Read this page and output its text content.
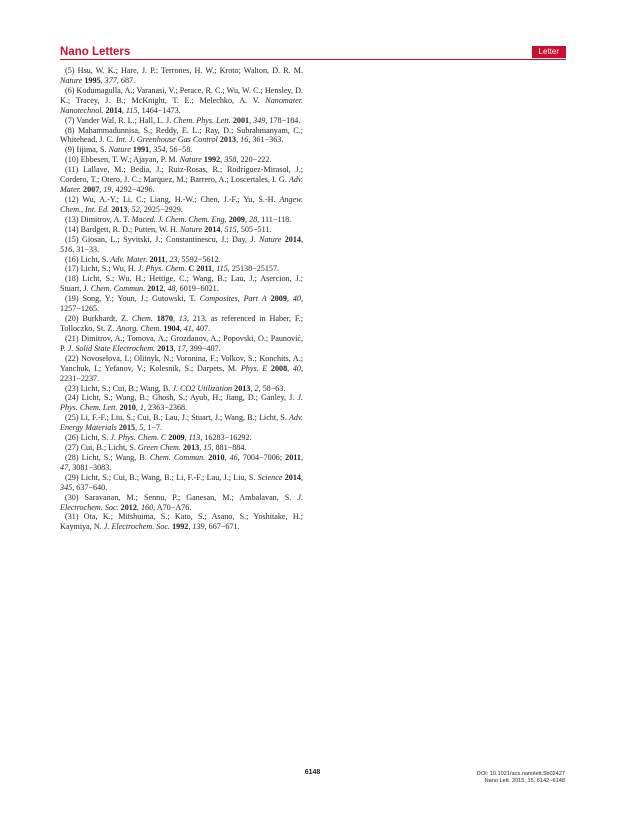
Nano Letters	Letter

(5) Hsu, W. K.; Hare, J. P.; Terrones, H. W.; Kroto; Walton, D. R. M. Nature 1995, 377, 687.

(6) Kodumagulla, A.; Varanasi, V.; Perace, R. C.; Wu, W. C.; Hensley, D. K.; Tracey, J. B.; McKnight, T. E.; Melechko, A. V. Nanomater. Nanotechnol. 2014, 115, 1464−1473.

(7) Vander Wal, R. L.; Hall, L. J. Chem. Phys. Lett. 2001, 349, 178−184.

(8) Mahammadunnisa, S.; Reddy, E. L.; Ray, D.; Subrahmanyam, C.; Whitehead, J. C. Int. J. Greenhouse Gas Control 2013, 16, 361−363.

(9) Iijima, S. Nature 1991, 354, 56−58.

(10) Ebbesen, T. W.; Ajayan, P. M. Nature 1992, 358, 220−222.

(11) Lallave, M.; Bedia, J.; Ruiz-Rosas, R.; Rodríguez-Mirasol, J.; Cordero, T.; Otero, J. C.; Marquez, M.; Barrero, A.; Loscertales, I. G. Adv. Mater. 2007, 19, 4292−4296.

(12) Wu, A.-Y.; Li, C.; Liang, H.-W.; Chen, J.-F.; Yu, S.-H. Angew. Chem., Int. Ed. 2013, 52, 2925−2929.

(13) Dimitrov, A. T. Maced. J. Chem. Chem. Eng. 2009, 28, 111−118.

(14) Bardgett, R. D.; Putten, W. H. Nature 2014, 515, 505−511.

(15) Giosan, L.; Syvitski, J.; Constantinescu, J.; Day, J. Nature 2014, 516, 31−33.

(16) Licht, S. Adv. Mater. 2011, 23, 5592−5612.

(17) Licht, S.; Wu, H. J. Phys. Chem. C 2011, 115, 25138−25157.

(18) Licht, S.; Wu, H.; Hettige, C.; Wang, B.; Lau, J.; Asercion, J.; Stuart, J. Chem. Commun. 2012, 48, 6019−6021.

(19) Song, Y.; Youn, J.; Gutowski, T. Composites, Part A 2009, 40, 1257−1265.

(20) Burkhardt, Z. Chem. 1870, 13, 213. as referenced in Haber, F.; Tolloczko, St. Z. Anorg. Chem. 1904, 41, 407.

(21) Dimitrov, A.; Tomova, A.; Grozdanov, A.; Popovski, O.; Paunović, P. J. Solid State Electrochem. 2013, 17, 399−407.

(22) Novoselova, I.; Oliinyk, N.; Voronina, F.; Volkov, S.; Konchits, A.; Yanchuk, I.; Yefanov, V.; Kolesnik, S.; Darpets, M. Phys. E 2008, 40, 2231−2237.

(23) Licht, S.; Cui, B.; Wang, B. J. CO2 Utilization 2013, 2, 58−63.

(24) Licht, S.; Wang, B.; Ghosh, S.; Ayub, H.; Jiang, D.; Ganley, J. J. Phys. Chem. Lett. 2010, 1, 2363−2368.

(25) Li, F.-F.; Liu, S.; Cui, B.; Lau, J.; Stuart, J.; Wang, B.; Licht, S. Adv. Energy Materials 2015, 5, 1−7.

(26) Licht, S. J. Phys. Chem. C 2009, 113, 16283−16292.

(27) Cui, B.; Licht, S. Green Chem. 2013, 15, 881−884.

(28) Licht, S.; Wang, B. Chem. Commun. 2010, 46, 7004−7006; 2011, 47, 3081−3083.

(29) Licht, S.; Cui, B.; Wang, B.; Li, F.-F.; Lau, J.; Liu, S. Science 2014, 345, 637−640.

(30) Saravanan, M.; Sennu, P.; Ganesan, M.; Ambalavan, S. J. Electrochem. Soc. 2012, 160, A70−A76.

(31) Ota, K.; Mitshuima, S.; Kato, S.; Asano, S.; Yoshitake, H.; Kaymiya, N. J. Electrochem. Soc. 1992, 139, 667−671.

6148	DOI: 10.1021/acs.nanolett.5b02427
Nano Lett. 2015, 15, 6142−6148
